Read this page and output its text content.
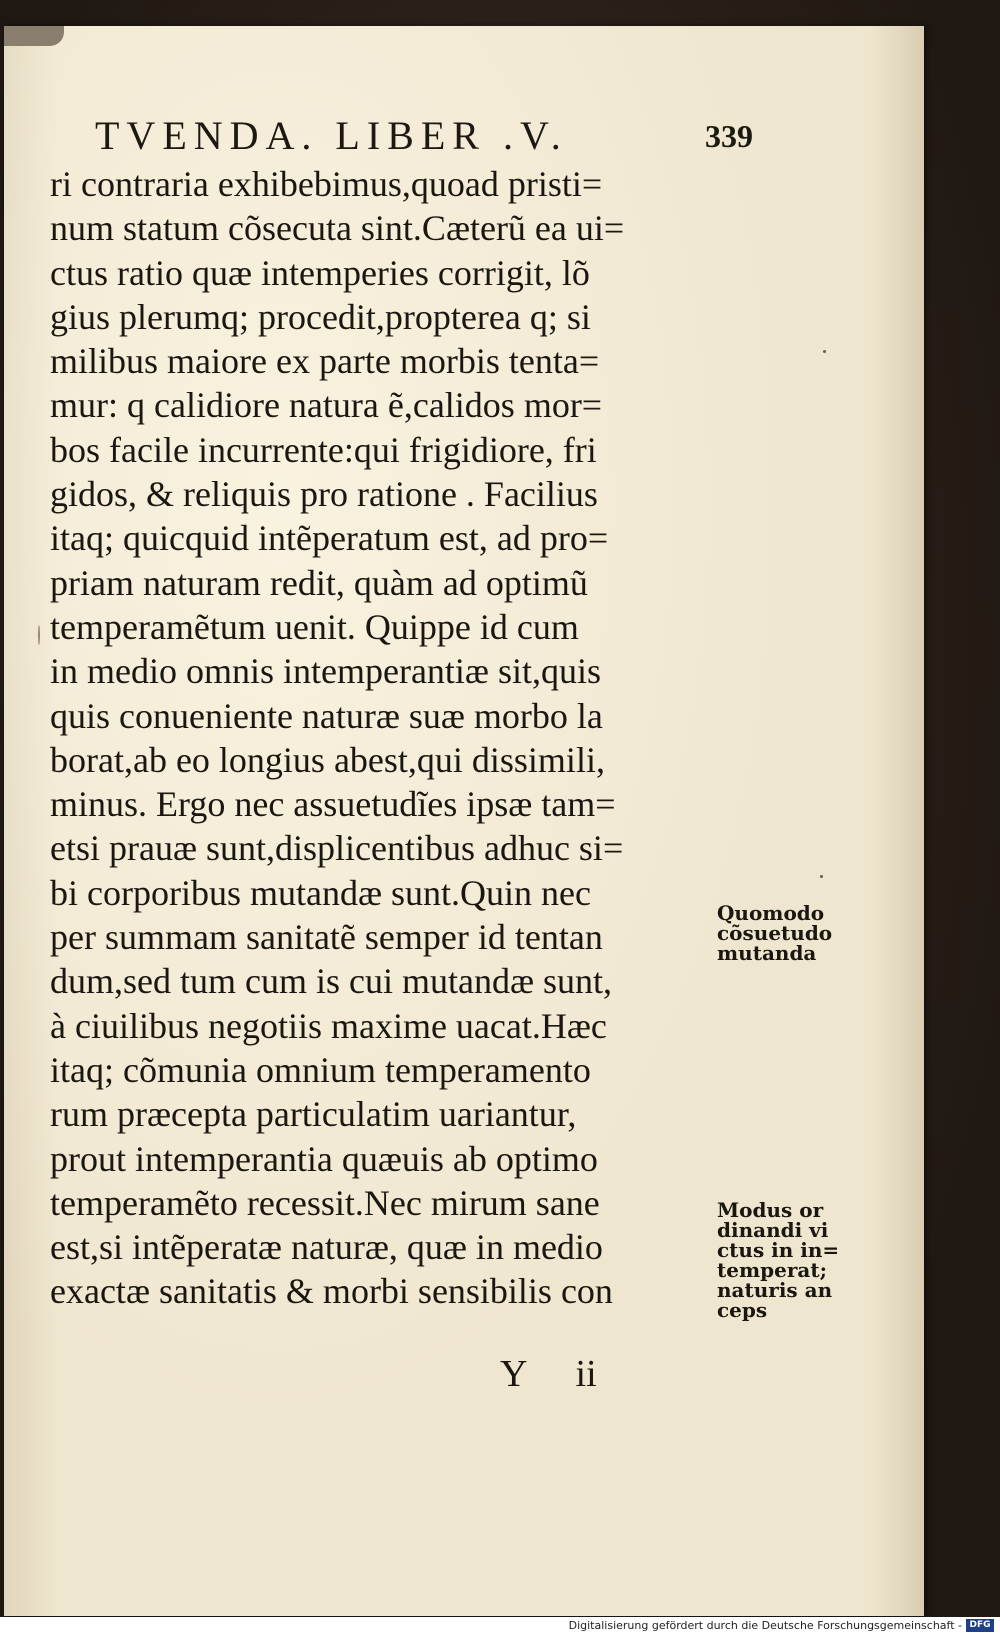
TVENDA. LIBER .V.	339
ri contraria exhibebimus,quoad pristi=
num statum cõsecuta sint.Cæterũ ea ui=
ctus ratio quæ intemperies corrigit, lõ
gius plerumq; procedit,propterea q; si
milibus maiore ex parte morbis tenta=
mur: q calidiore natura ẽ,calidos mor=
bos facile incurrente:qui frigidiore, fri
gidos, & reliquis pro ratione . Facilius
itaq; quicquid intẽperatum est, ad pro=
priam naturam redit, quàm ad optimũ
temperamẽtum uenit. Quippe id cum
in medio omnis intemperantiæ sit,quis
quis conueniente naturæ suæ morbo la
borat,ab eo longius abest,qui dissimili,
minus. Ergo nec assuetudĩes ipsæ tam=
etsi prauæ sunt,displicentibus adhuc si=
bi corporibus mutandæ sunt.Quin nec
per summam sanitatẽ semper id tentan
dum,sed tum cum is cui mutandæ sunt,
à ciuilibus negotiis maxime uacat.Hæc
itaq; cõmunia omnium temperamento
rum præcepta particulatim uariantur,
prout intemperantia quæuis ab optimo
temperamẽto recessit.Nec mirum sane
est,si intẽperatæ naturæ, quæ in medio
exactæ sanitatis & morbi sensibilis con
Quomodo
cõsuetudo
mutanda
Modus or
dinandi vi
ctus in in=
temperat;
naturis an
ceps
Y ii
Digitalisierung gefördert durch die Deutsche Forschungsgemeinschaft - DFG
